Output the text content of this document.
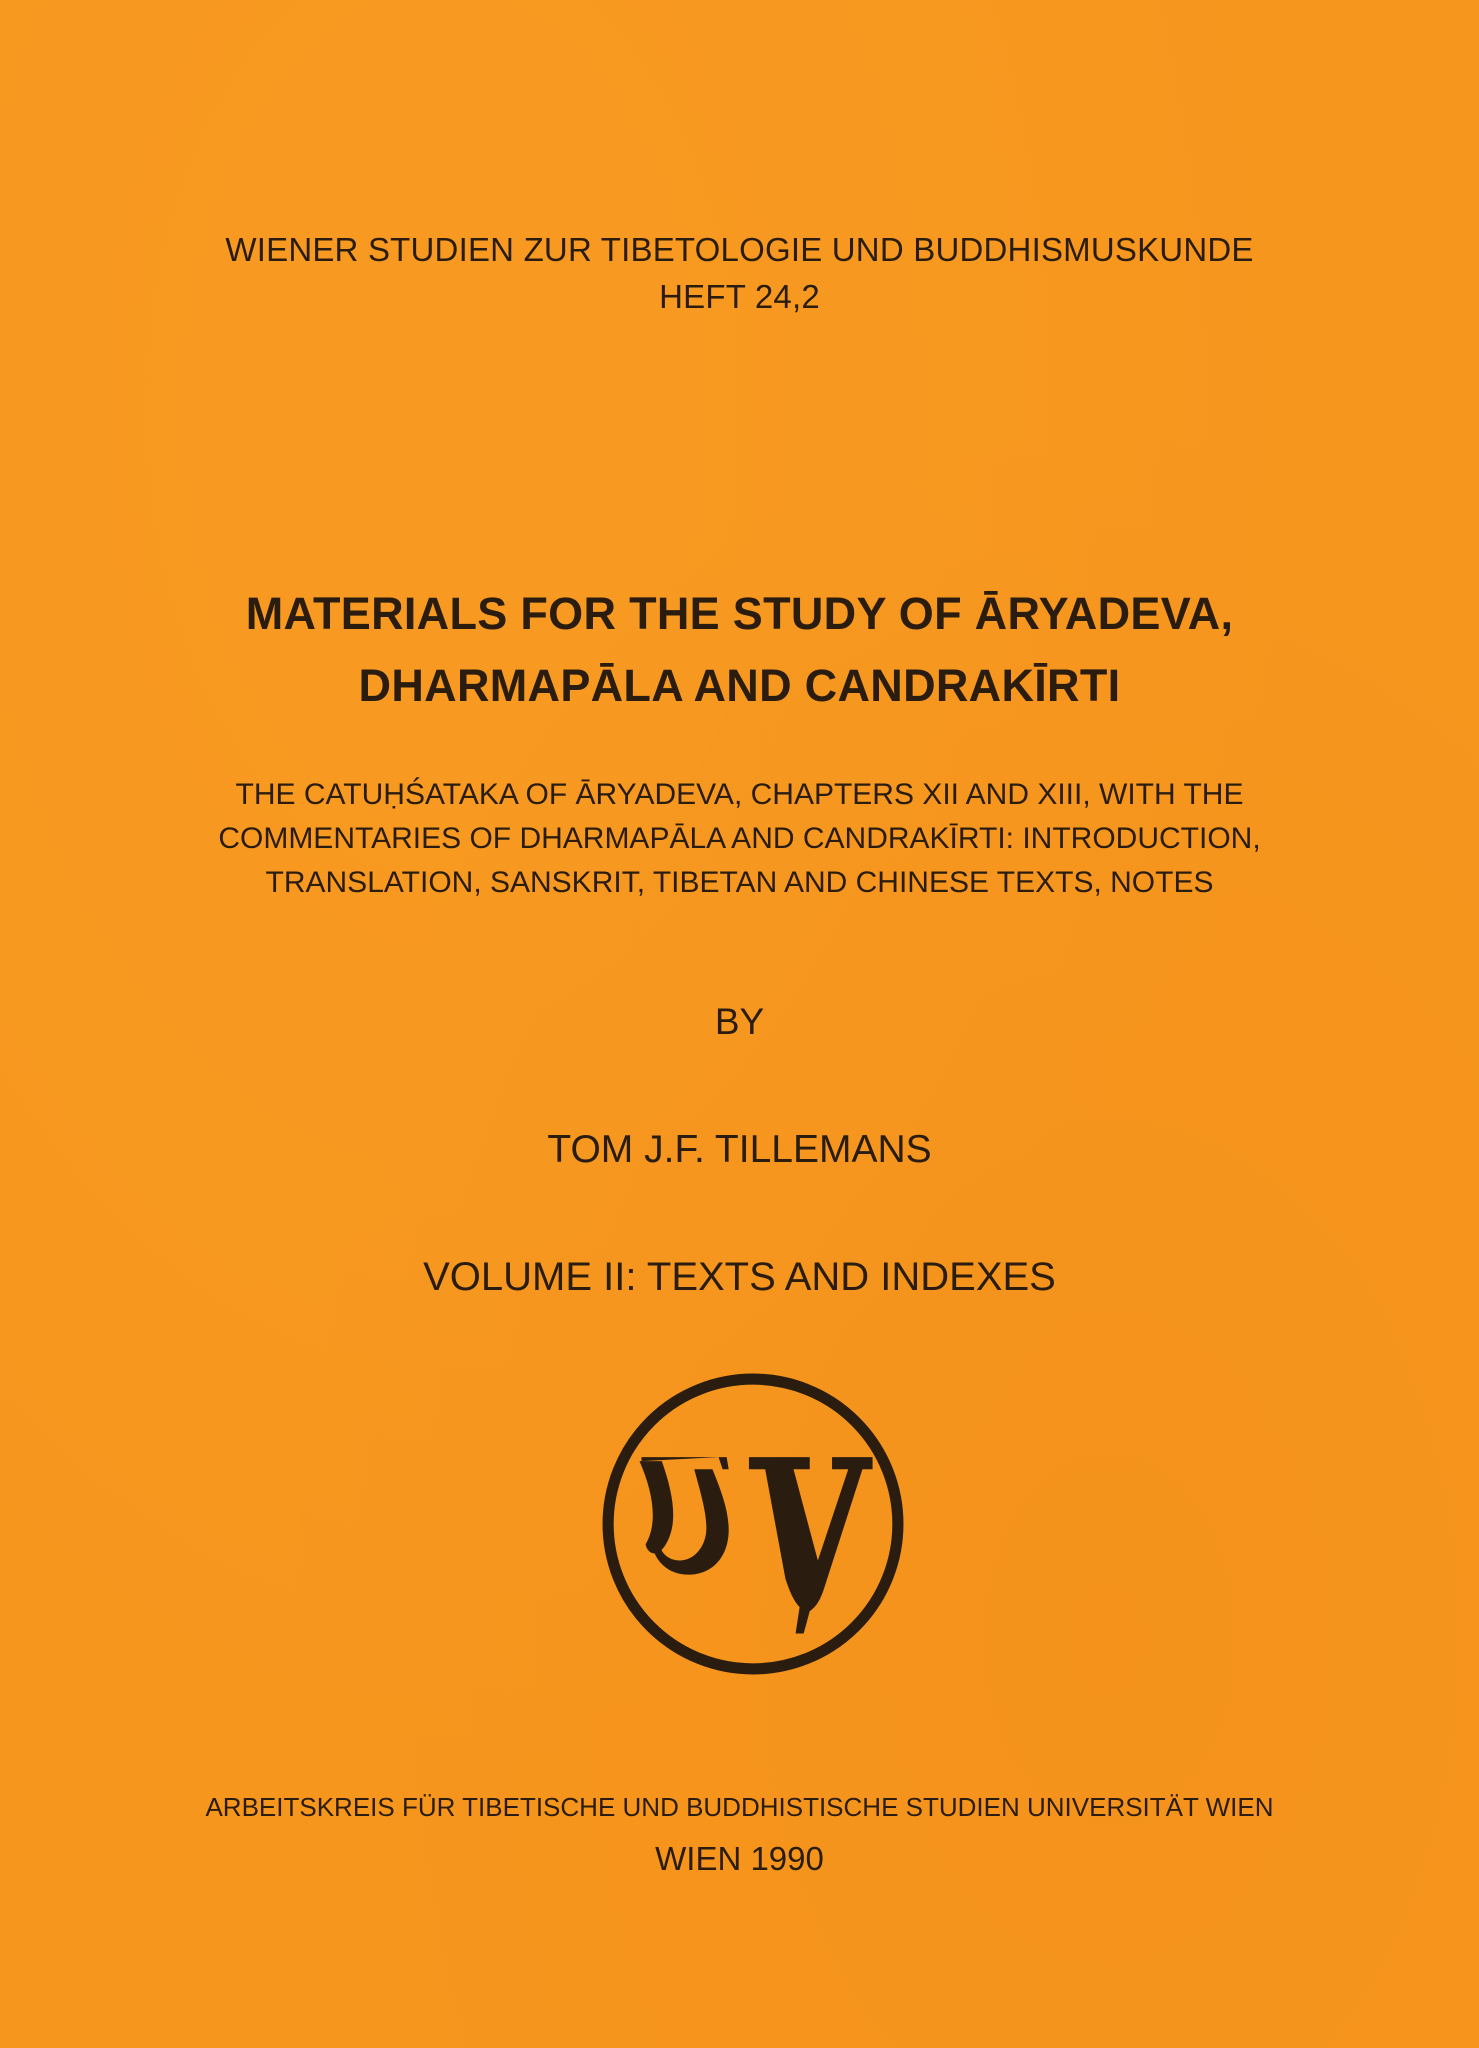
WIENER STUDIEN ZUR TIBETOLOGIE UND BUDDHISMUSKUNDE
HEFT 24,2
MATERIALS FOR THE STUDY OF ĀRYADEVA,
DHARMAPĀLA AND CANDRAKĪRTI
THE CATUḤŚATAKA OF ĀRYADEVA, CHAPTERS XII AND XIII, WITH THE
COMMENTARIES OF DHARMAPĀLA AND CANDRAKĪRTI: INTRODUCTION,
TRANSLATION, SANSKRIT, TIBETAN AND CHINESE TEXTS, NOTES
BY
TOM J.F. TILLEMANS
VOLUME II: TEXTS AND INDEXES
ARBEITSKREIS FÜR TIBETISCHE UND BUDDHISTISCHE STUDIEN UNIVERSITÄT WIEN
WIEN 1990
